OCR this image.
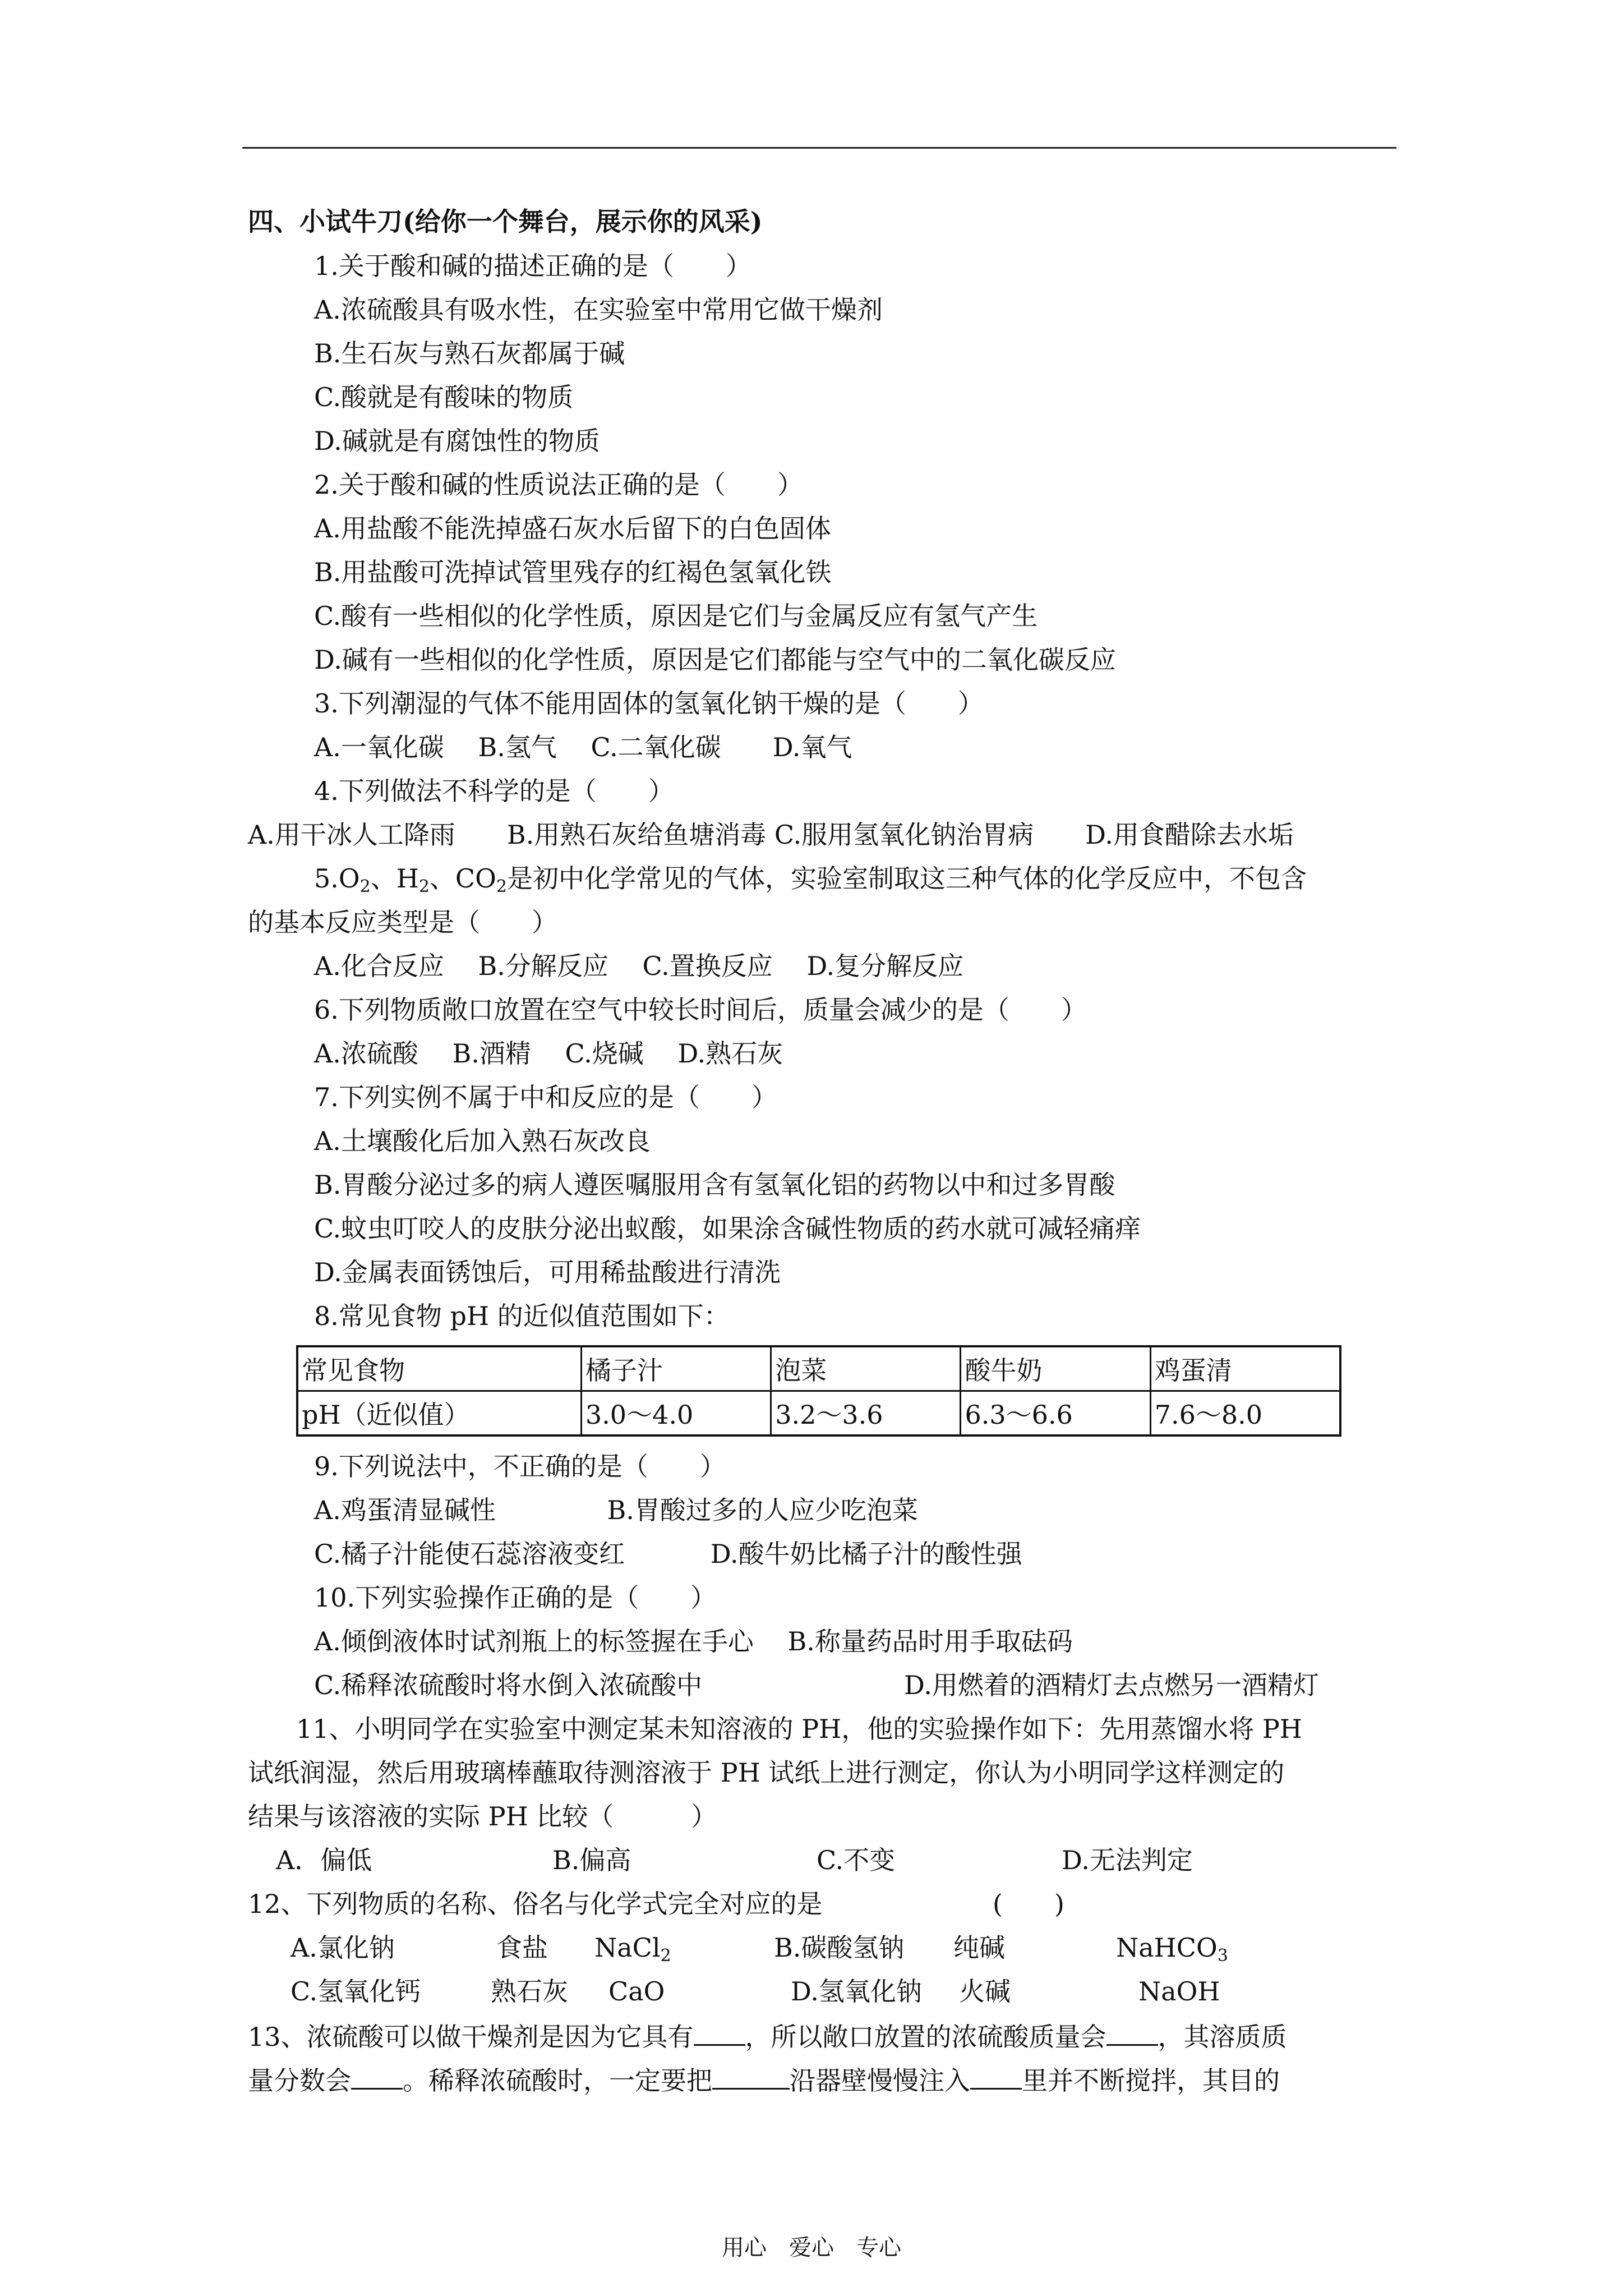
四、小试牛刀(给你一个舞台，展示你的风采)
1.关于酸和碱的描述正确的是（　　）
A.浓硫酸具有吸水性，在实验室中常用它做干燥剂
B.生石灰与熟石灰都属于碱
C.酸就是有酸味的物质
D.碱就是有腐蚀性的物质
2.关于酸和碱的性质说法正确的是（　　）
A.用盐酸不能洗掉盛石灰水后留下的白色固体
B.用盐酸可洗掉试管里残存的红褐色氢氧化铁
C.酸有一些相似的化学性质，原因是它们与金属反应有氢气产生
D.碱有一些相似的化学性质，原因是它们都能与空气中的二氧化碳反应
3.下列潮湿的气体不能用固体的氢氧化钠干燥的是（　　）
A.一氧化碳　 B.氢气　 C.二氧化碳　　D.氧气
4.下列做法不科学的是（　　）
A.用干冰人工降雨　　B.用熟石灰给鱼塘消毒 C.服用氢氧化钠治胃病　　D.用食醋除去水垢
$5.O_2$、$H_2$、$CO_2$是初中化学常见的气体，实验室制取这三种气体的化学反应中，不包含
的基本反应类型是（　　）
A.化合反应　 B.分解反应　 C.置换反应　 D.复分解反应
6.下列物质敞口放置在空气中较长时间后，质量会减少的是（　　）
A.浓硫酸　 B.酒精　 C.烧碱　 D.熟石灰
7.下列实例不属于中和反应的是（　　）
A.土壤酸化后加入熟石灰改良
B.胃酸分泌过多的病人遵医嘱服用含有氢氧化铝的药物以中和过多胃酸
C.蚊虫叮咬人的皮肤分泌出蚁酸，如果涂含碱性物质的药水就可减轻痛痒
D.金属表面锈蚀后，可用稀盐酸进行清洗
8.常见食物 pH 的近似值范围如下：
常见食物	橘子汁	泡菜	酸牛奶	鸡蛋清
pH（近似值）	3.0～4.0	3.2～3.6	6.3～6.6	7.6～8.0
9.下列说法中，不正确的是（　　）
A.鸡蛋清显碱性　　　　 B.胃酸过多的人应少吃泡菜
C.橘子汁能使石蕊溶液变红　　　 D.酸牛奶比橘子汁的酸性强
10.下列实验操作正确的是（　　）
A.倾倒液体时试剂瓶上的标签握在手心　 B.称量药品时用手取砝码
C.稀释浓硫酸时将水倒入浓硫酸中	D.用燃着的酒精灯去点燃另一酒精灯
11、小明同学在实验室中测定某未知溶液的 PH，他的实验操作如下：先用蒸馏水将 PH
试纸润湿，然后用玻璃棒蘸取待测溶液于 PH 试纸上进行测定，你认为小明同学这样测定的
结果与该溶液的实际 PH 比较（　　　）
A．偏低	B.偏高	C.不变	D.无法判定
12、下列物质的名称、俗名与化学式完全对应的是	(　　)
A.氯化钠	食盐 NaCl$_2$	B.碳酸氢钠 纯碱	NaHCO$_3$
C.氢氧化钙	熟石灰 CaO	D.氢氧化钠 火碱	NaOH
13、浓硫酸可以做干燥剂是因为它具有 ，所以敞口放置的浓硫酸质量会 ，其溶质质
量分数会 。稀释浓硫酸时，一定要把	沿器壁慢慢注入 里并不断搅拌，其目的
用心　爱心　专心
